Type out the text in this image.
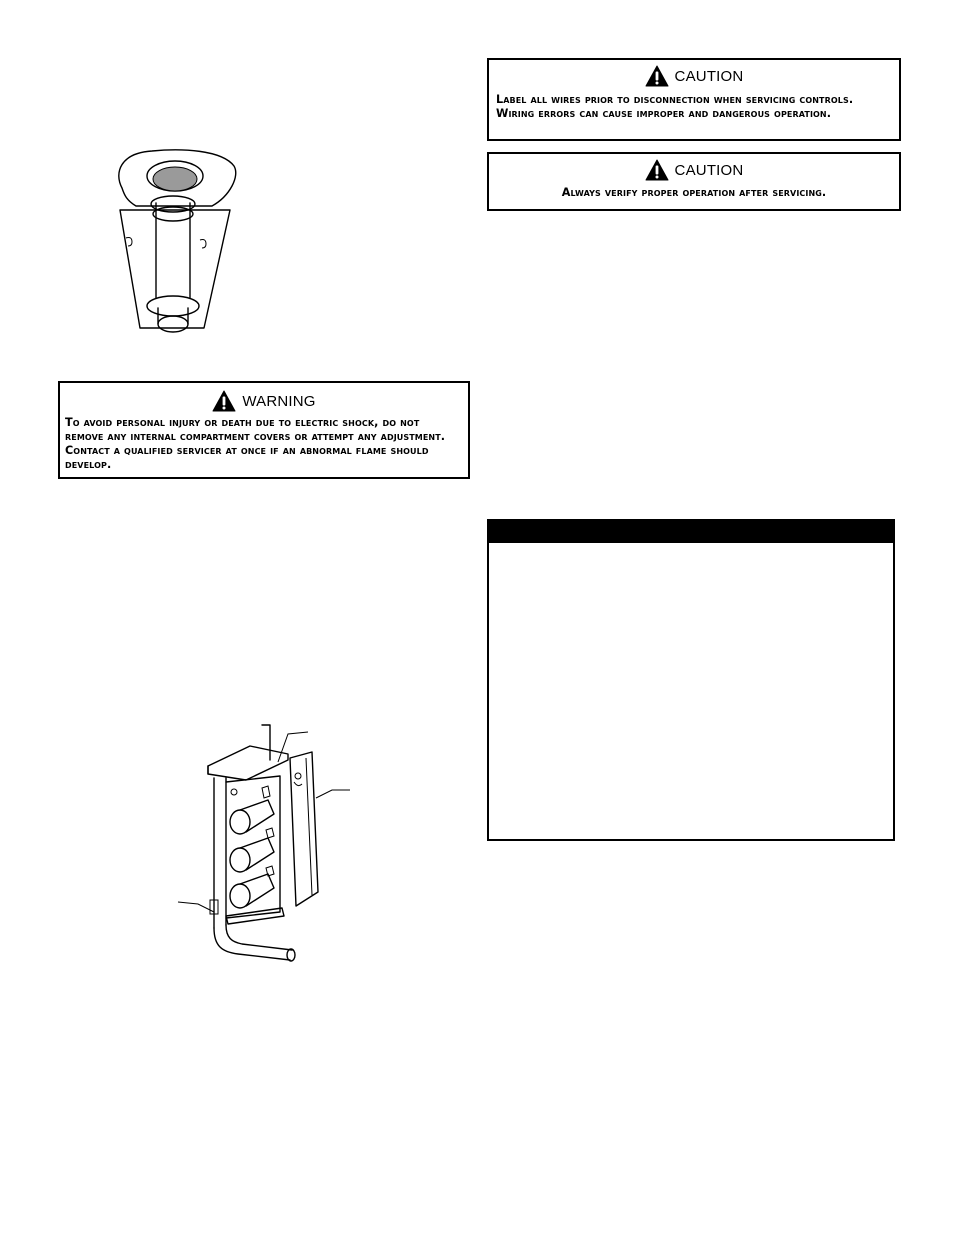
WARNING
To avoid personal injury or death due to electric shock, do not remove any internal compartment covers or attempt any adjustment. Contact a qualified servicer at once if an abnormal flame should develop.
CAUTION
Label all wires prior to disconnection when servicing controls. Wiring errors can cause improper and dangerous operation.
CAUTION
Always verify proper operation after servicing.
